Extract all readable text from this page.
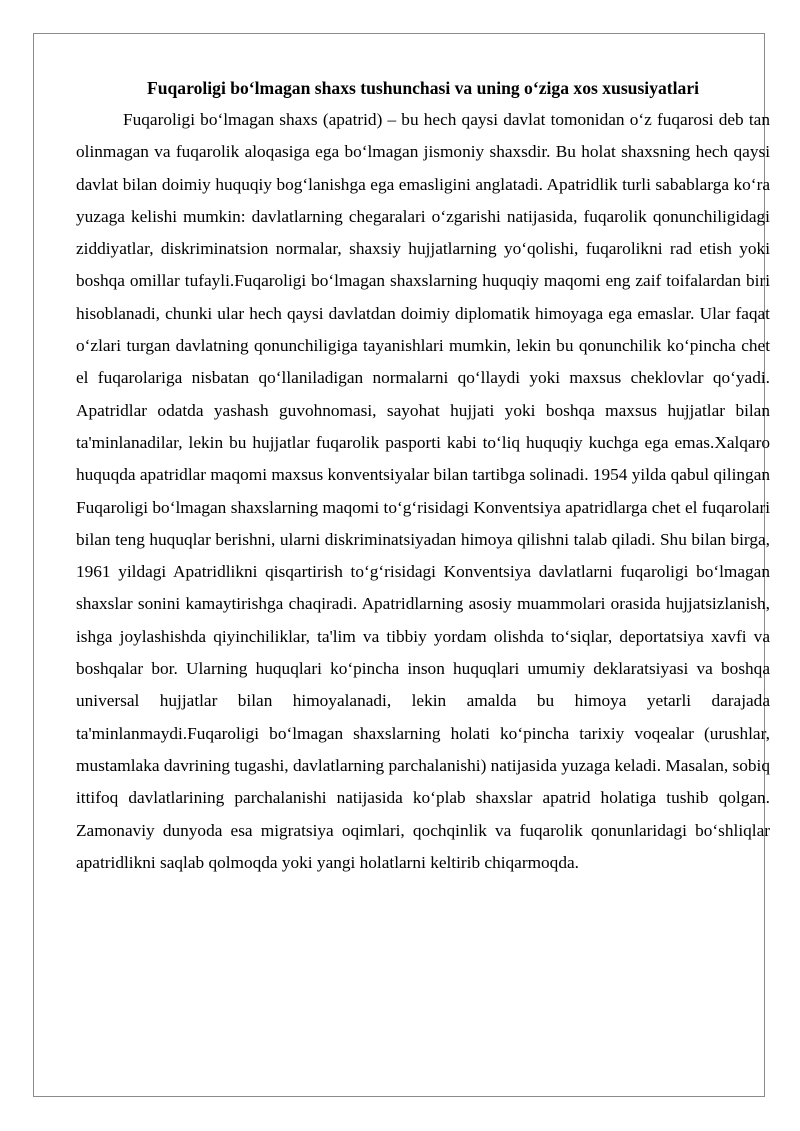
Fuqaroligi bo‘lmagan shaxs tushunchasi va uning o‘ziga xos xususiyatlari

Fuqaroligi bo‘lmagan shaxs (apatrid) – bu hech qaysi davlat tomonidan o‘z fuqarosi deb tan olinmagan va fuqarolik aloqasiga ega bo‘lmagan jismoniy shaxsdir. Bu holat shaxsning hech qaysi davlat bilan doimiy huquqiy bog‘lanishga ega emasligini anglatadi. Apatridlik turli sabablarga ko‘ra yuzaga kelishi mumkin: davlatlarning chegaralari o‘zgarishi natijasida, fuqarolik qonunchiligidagi ziddiyatlar, diskriminatsion normalar, shaxsiy hujjatlarning yo‘qolishi, fuqarolikni rad etish yoki boshqa omillar tufayli.Fuqaroligi bo‘lmagan shaxslarning huquqiy maqomi eng zaif toifalardan biri hisoblanadi, chunki ular hech qaysi davlatdan doimiy diplomatik himoyaga ega emaslar. Ular faqat o‘zlari turgan davlatning qonunchiligiga tayanishlari mumkin, lekin bu qonunchilik ko‘pincha chet el fuqarolariga nisbatan qo‘llaniladigan normalarni qo‘llaydi yoki maxsus cheklovlar qo‘yadi. Apatridlar odatda yashash guvohnomasi, sayohat hujjati yoki boshqa maxsus hujjatlar bilan ta'minlanadilar, lekin bu hujjatlar fuqarolik pasporti kabi to‘liq huquqiy kuchga ega emas.Xalqaro huquqda apatridlar maqomi maxsus konventsiyalar bilan tartibga solinadi. 1954 yilda qabul qilingan Fuqaroligi bo‘lmagan shaxslarning maqomi to‘g‘risidagi Konventsiya apatridlarga chet el fuqarolari bilan teng huquqlar berishni, ularni diskriminatsiyadan himoya qilishni talab qiladi. Shu bilan birga, 1961 yildagi Apatridlikni qisqartirish to‘g‘risidagi Konventsiya davlatlarni fuqaroligi bo‘lmagan shaxslar sonini kamaytirishga chaqiradi. Apatridlarning asosiy muammolari orasida hujjatsizlanish, ishga joylashishda qiyinchiliklar, ta'lim va tibbiy yordam olishda to‘siqlar, deportatsiya xavfi va boshqalar bor. Ularning huquqlari ko‘pincha inson huquqlari umumiy deklaratsiyasi va boshqa universal hujjatlar bilan himoyalanadi, lekin amalda bu himoya yetarli darajada ta'minlanmaydi.Fuqaroligi bo‘lmagan shaxslarning holati ko‘pincha tarixiy voqealar (urushlar, mustamlaka davrining tugashi, davlatlarning parchalanishi) natijasida yuzaga keladi. Masalan, sobiq ittifoq davlatlarining parchalanishi natijasida ko‘plab shaxslar apatrid holatiga tushib qolgan. Zamonaviy dunyoda esa migratsiya oqimlari, qochqinlik va fuqarolik qonunlaridagi bo‘shliqlar apatridlikni saqlab qolmoqda yoki yangi holatlarni keltirib chiqarmoqda.
